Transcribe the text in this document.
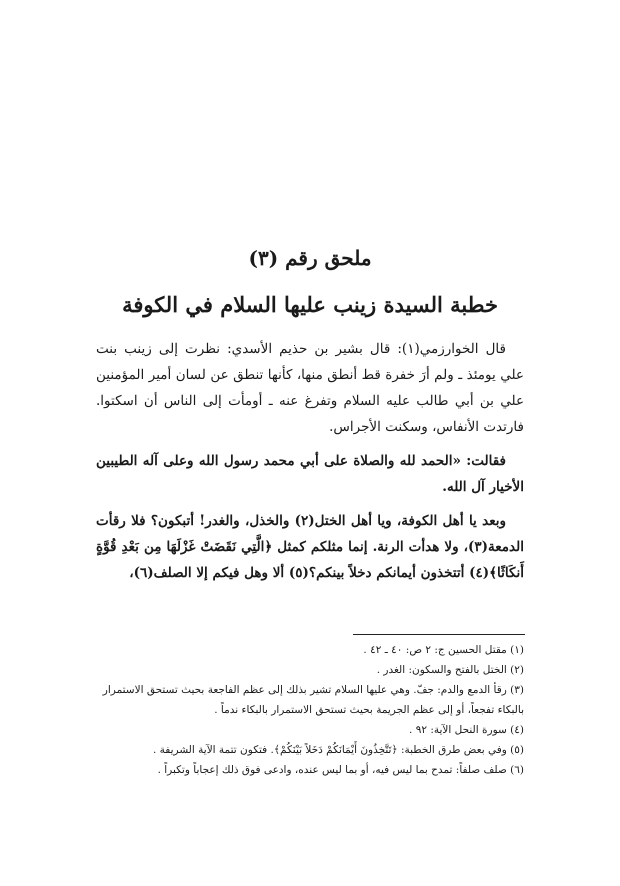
ملحق رقم (٣)
خطبة السيدة زينب عليها السلام في الكوفة

قال الخوارزمي(١): قال بشير بن حذيم الأسدي: نظرت إلى زينب بنت علي يومئذ ـ ولم أرَ خفرة قط أنطق منها، كأنها تنطق عن لسان أمير المؤمنين علي بن أبي طالب عليه السلام وتفرغ عنه ـ أومأت إلى الناس أن اسكتوا. فارتدت الأنفاس، وسكنت الأجراس.

فقالت: «الحمد لله والصلاة على أبي محمد رسول الله وعلى آله الطيبين الأخيار آل الله.

وبعد يا أهل الكوفة، ويا أهل الختل(٢) والخذل، والغدر! أتبكون؟ فلا رقأت الدمعة(٣)، ولا هدأت الرنة. إنما مثلكم كمثل ﴿الَّتِي نَقَضَتْ غَزْلَهَا مِن بَعْدِ قُوَّةٍ أَنكَاثًا﴾(٤) أتتخذون أيمانكم دخلاً بينكم؟(٥) ألا وهل فيكم إلا الصلف(٦)،

(١) مقتل الحسين ج: ٢ ص: ٤٠ ـ ٤٢ .

(٢) الختل بالفتح والسكون: الغدر .

(٣) رقأ الدمع والدم: جفّ. وهي عليها السلام تشير بذلك إلى عظم الفاجعة بحيث تستحق الاستمرار بالبكاء تفجعاً، أو إلى عظم الجريمة بحيث تستحق الاستمرار بالبكاء ندماً .

(٤) سورة النحل الآية: ٩٢ .

(٥) وفي بعض طرق الخطبة: ﴿تَتَّخِذُونَ أَيْمَانَكُمْ دَخَلاً بَيْنَكُمْ﴾. فتكون تتمة الآية الشريفة .

(٦) صلف صلفاً: تمدح بما ليس فيه، أو بما ليس عنده، وادعى فوق ذلك إعجاباً وتكبراً .
